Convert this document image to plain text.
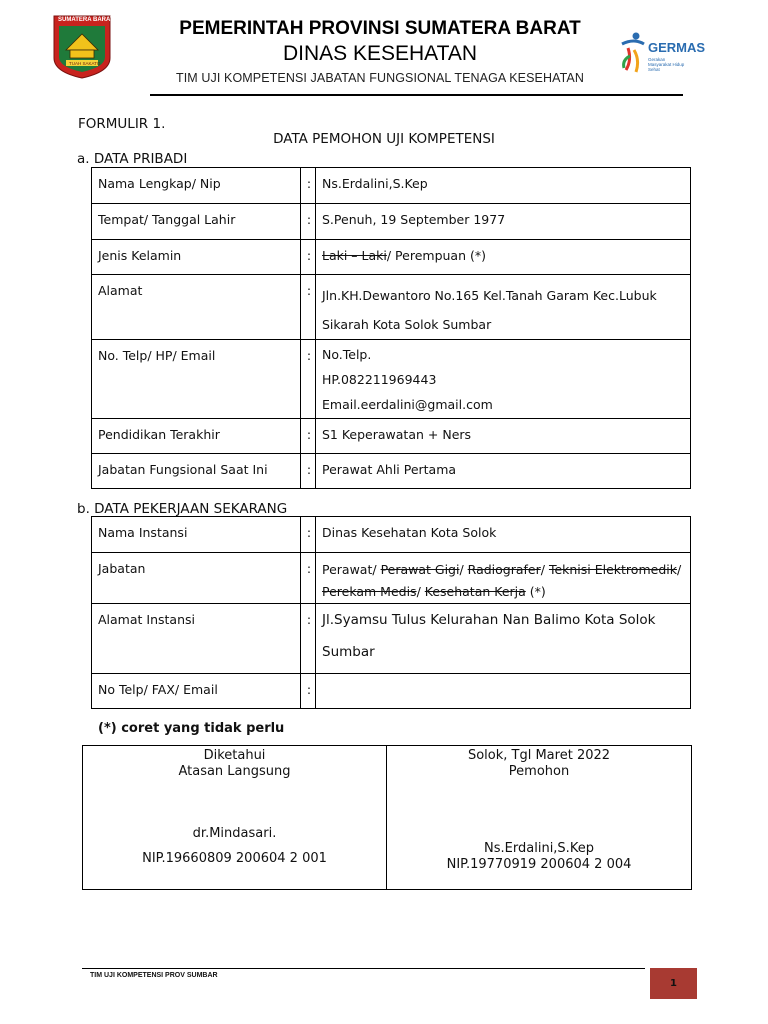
SUMATERA BARAT
TUAH SAKATO
PEMERINTAH PROVINSI SUMATERA BARAT
DINAS KESEHATAN
TIM UJI KOMPETENSI JABATAN FUNGSIONAL TENAGA KESEHATAN
GERMAS
Gerakan Masyarakat Hidup Sehat
FORMULIR 1.
DATA PEMOHON UJI KOMPETENSI
a. DATA PRIBADI
Nama Lengkap/ Nip	:	Ns.Erdalini,S.Kep
Tempat/ Tanggal Lahir	:	S.Penuh, 19 September 1977
Jenis Kelamin	:	Laki – Laki/ Perempuan (*)
Alamat	:	Jln.KH.Dewantoro No.165 Kel.Tanah Garam Kec.Lubuk
Sikarah Kota Solok Sumbar

No. Telp/ HP/ Email	:	No.Telp.
HP.082211969443
Email.eerdalini@gmail.com

Pendidikan Terakhir	:	S1 Keperawatan + Ners
Jabatan Fungsional Saat Ini	:	Perawat Ahli Pertama
b. DATA PEKERJAAN SEKARANG
Nama Instansi	:	Dinas Kesehatan Kota Solok
Jabatan	:	Perawat/ Perawat Gigi/ Radiografer/ Teknisi Elektromedik/
Perekam Medis/ Kesehatan Kerja (*)
Alamat Instansi	:	Jl.Syamsu Tulus Kelurahan Nan Balimo Kota Solok
Sumbar

No Telp/ FAX/ Email	:	
(*) coret yang tidak perlu
Diketahui
Atasan Langsung
dr.Mindasari.
NIP.19660809 200604 2 001
Solok, Tgl Maret 2022
Pemohon
Ns.Erdalini,S.Kep
NIP.19770919 200604 2 004
TIM UJI KOMPETENSI PROV SUMBAR
1
